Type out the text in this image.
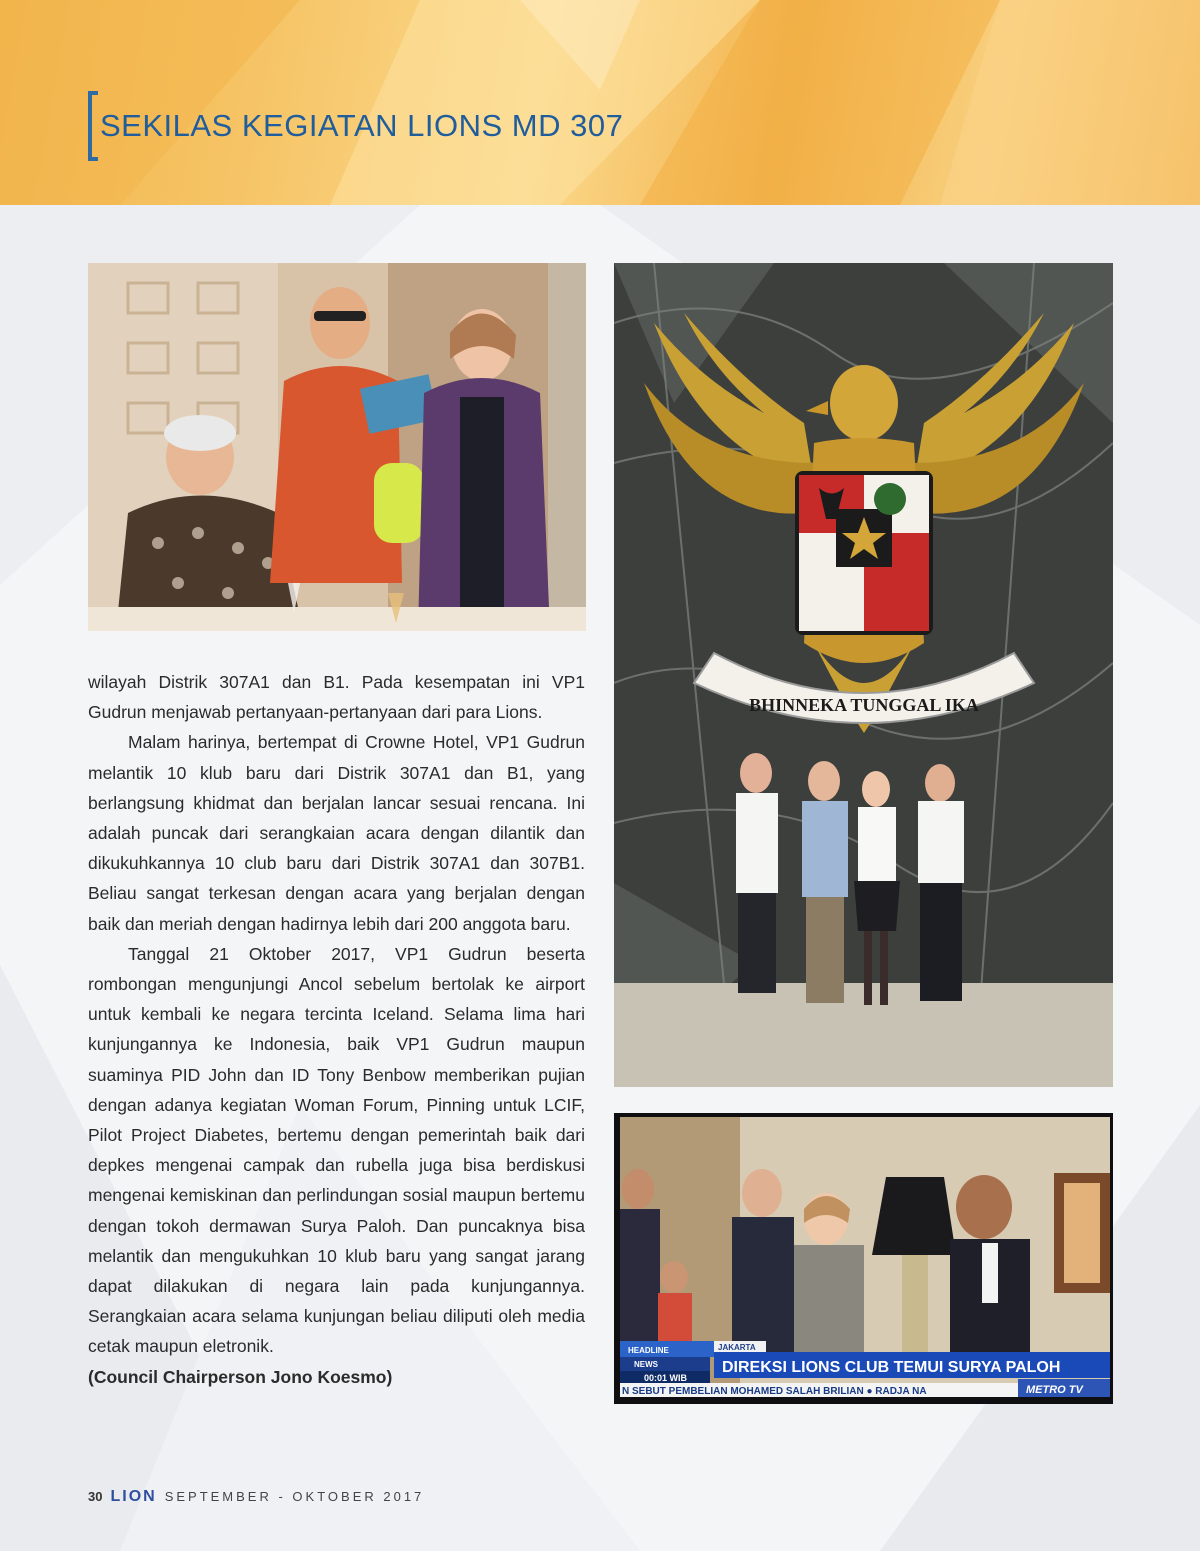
SEKILAS KEGIATAN LIONS MD 307
BHINNEKA TUNGGAL IKA
HEADLINE	JAKARTA
NEWS	DIREKSI LIONS CLUB TEMUI SURYA PALOH
00:01 WIB
N SEBUT PEMBELIAN MOHAMED SALAH BRILIAN ● RADJA NA	METRO TV

wilayah Distrik 307A1 dan B1. Pada kesempatan ini VP1 Gudrun menjawab pertanyaan-pertanyaan dari para Lions.

Malam harinya, bertempat di Crowne Hotel, VP1 Gudrun melantik 10 klub baru dari Distrik 307A1 dan B1, yang berlangsung khidmat dan berjalan lancar sesuai rencana. Ini adalah puncak dari serangkaian acara dengan dilantik dan dikukuhkannya 10 club baru dari Distrik 307A1 dan 307B1. Beliau sangat terkesan dengan acara yang berjalan dengan baik dan meriah dengan hadirnya lebih dari 200 anggota baru.

Tanggal 21 Oktober 2017, VP1 Gudrun beserta rombongan mengunjungi Ancol sebelum bertolak ke airport untuk kembali ke negara tercinta Iceland. Selama lima hari kunjungannya ke Indonesia, baik VP1 Gudrun maupun suaminya PID John dan ID Tony Benbow memberikan pujian dengan adanya kegiatan Woman Forum, Pinning untuk LCIF, Pilot Project Diabetes, bertemu dengan pemerintah baik dari depkes mengenai campak dan rubella juga bisa berdiskusi mengenai kemiskinan dan perlindungan sosial maupun bertemu dengan tokoh dermawan Surya Paloh. Dan puncaknya bisa melantik dan mengukuhkan 10 klub baru yang sangat jarang dapat dilakukan di negara lain pada kunjungannya. Serangkaian acara selama kunjungan beliau diliputi oleh media cetak maupun eletronik.

(Council Chairperson Jono Koesmo)

30 LION SEPTEMBER - OKTOBER 2017
